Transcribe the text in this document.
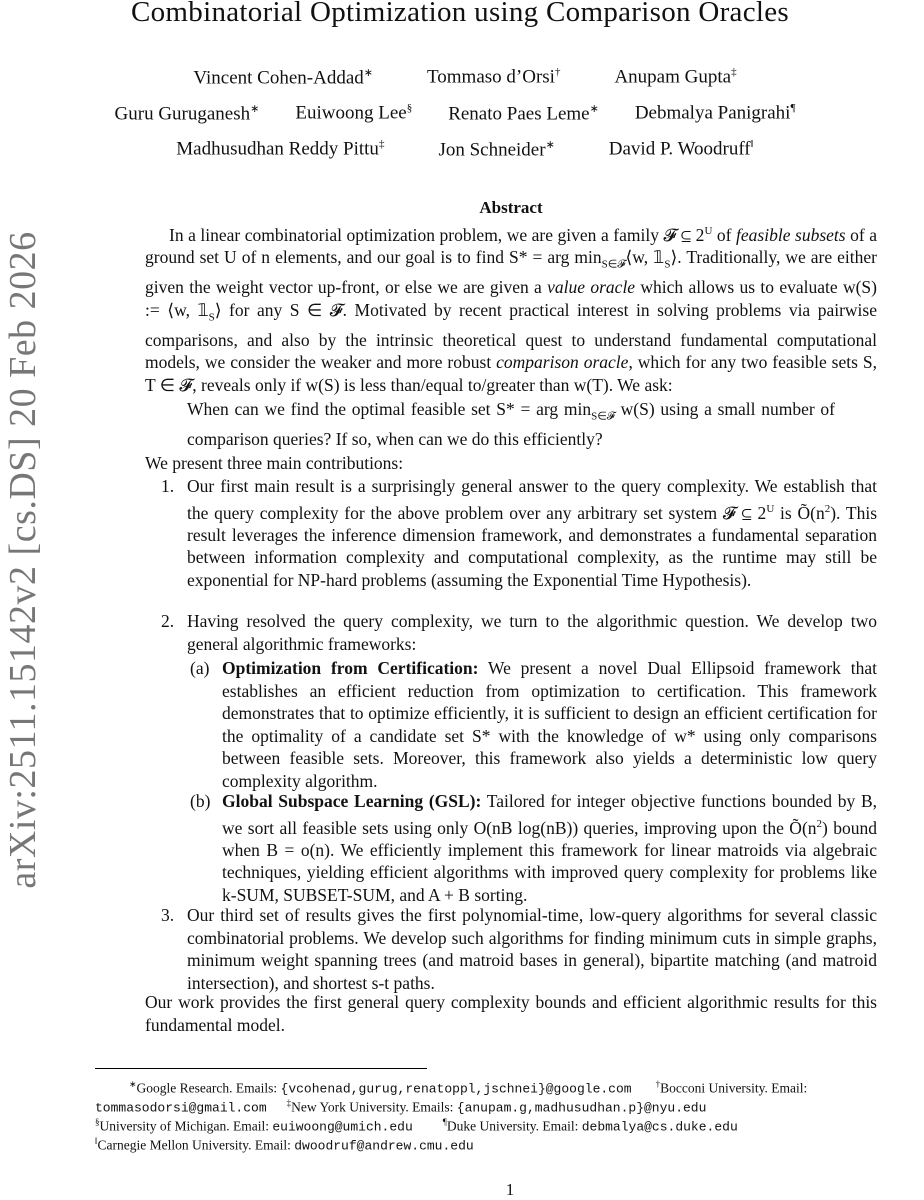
arXiv:2511.15142v2 [cs.DS] 20 Feb 2026
Combinatorial Optimization using Comparison Oracles
Vincent Cohen-Addad∗	Tommaso d’Orsi†	Anupam Gupta‡
Guru Guruganesh∗ Euiwoong Lee§ Renato Paes Leme∗ Debmalya Panigrahi¶
Madhusudhan Reddy Pittu‡	Jon Schneider∗	David P. Woodruff‖
Abstract
In a linear combinatorial optimization problem, we are given a family 𝓕 ⊆ $2^U$ of feasible subsets of a ground set U of n elements, and our goal is to find S* = arg $\min_{S\in 𝓕}⟨w$, $𝟙_S⟩$. Traditionally, we are either given the weight vector up-front, or else we are given a value oracle which allows us to evaluate w(S) := ⟨w, $𝟙_S⟩$ for any S ∈ 𝓕. Motivated by recent practical interest in solving problems via pairwise comparisons, and also by the intrinsic theoretical quest to understand fundamental computational models, we consider the weaker and more robust comparison oracle, which for any two feasible sets S, T ∈ 𝓕, reveals only if w(S) is less than/equal to/greater than w(T). We ask:
When can we find the optimal feasible set S* = arg $\min_{S\in 𝓕} w(S)$ using a small number of comparison queries? If so, when can we do this efficiently?
We present three main contributions:
1. Our first main result is a surprisingly general answer to the query complexity. We establish that the query complexity for the above problem over any arbitrary set system 𝓕 ⊆ $2^U$ is $Õ(n^2)$. This result leverages the inference dimension framework, and demonstrates a fundamental separation between information complexity and computational complexity, as the runtime may still be exponential for NP-hard problems (assuming the Exponential Time Hypothesis).
2. Having resolved the query complexity, we turn to the algorithmic question. We develop two general algorithmic frameworks:
(a) Optimization from Certification: We present a novel Dual Ellipsoid framework that establishes an efficient reduction from optimization to certification. This framework demonstrates that to optimize efficiently, it is sufficient to design an efficient certification for the optimality of a candidate set S* with the knowledge of w* using only comparisons between feasible sets. Moreover, this framework also yields a deterministic low query complexity algorithm.
(b) Global Subspace Learning (GSL): Tailored for integer objective functions bounded by B, we sort all feasible sets using only O(nB log(nB)) queries, improving upon the $Õ(n^2)$ bound when B = o(n). We efficiently implement this framework for linear matroids via algebraic techniques, yielding efficient algorithms with improved query complexity for problems like k-SUM, SUBSET-SUM, and A + B sorting.
3. Our third set of results gives the first polynomial-time, low-query algorithms for several classic combinatorial problems. We develop such algorithms for finding minimum cuts in simple graphs, minimum weight spanning trees (and matroid bases in general), bipartite matching (and matroid intersection), and shortest s-t paths.
Our work provides the first general query complexity bounds and efficient algorithmic results for this fundamental model.
∗Google Research. Emails: {vcohenad,gurug,renatoppl,jschnei}@google.com	†Bocconi University. Email:
tommasodorsi@gmail.com ‡New York University. Emails: {anupam.g,madhusudhan.p}@nyu.edu
§University of Michigan. Email: euiwoong@umich.edu	¶Duke University. Email: debmalya@cs.duke.edu
‖Carnegie Mellon University. Email: dwoodruf@andrew.cmu.edu
1
